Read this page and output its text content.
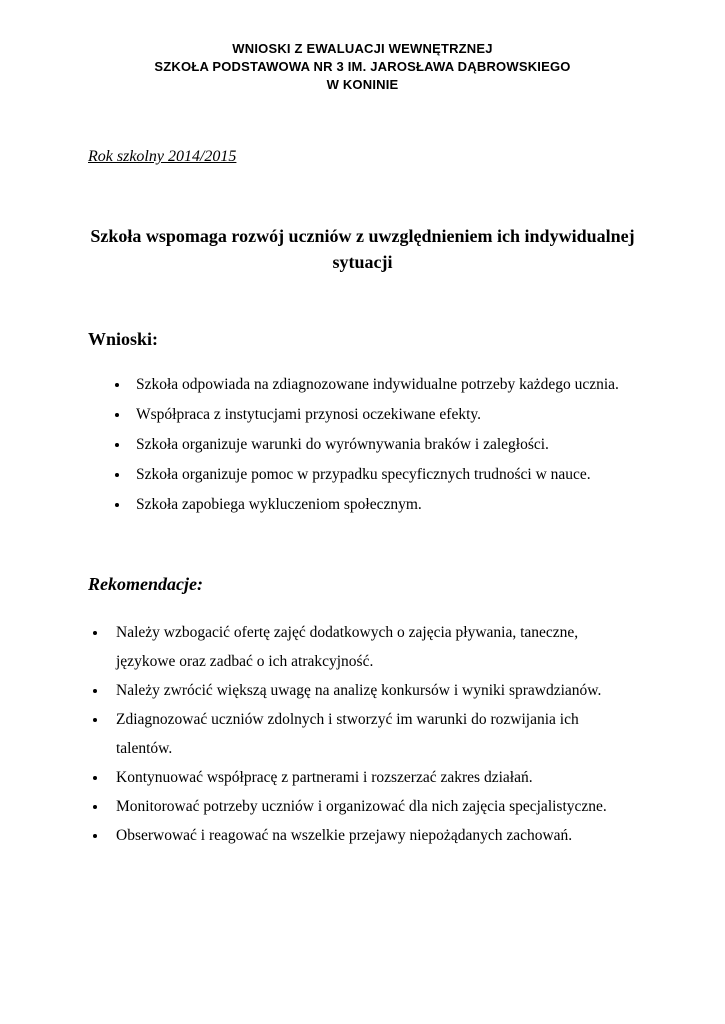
WNIOSKI Z EWALUACJI WEWNĘTRZNEJ
SZKOŁA PODSTAWOWA NR 3 IM. JAROSŁAWA DĄBROWSKIEGO
W KONINIE
Rok szkolny 2014/2015
Szkoła wspomaga rozwój uczniów z uwzględnieniem ich indywidualnej sytuacji
Wnioski:
• Szkoła odpowiada na zdiagnozowane indywidualne potrzeby każdego ucznia.
• Współpraca z instytucjami przynosi oczekiwane efekty.
• Szkoła organizuje warunki do wyrównywania braków i zaległości.
• Szkoła organizuje pomoc w przypadku specyficznych trudności w nauce.
• Szkoła zapobiega wykluczeniom społecznym.
Rekomendacje:
• Należy wzbogacić ofertę zajęć dodatkowych o zajęcia pływania, taneczne, językowe oraz zadbać o ich atrakcyjność.
• Należy zwrócić większą uwagę na analizę konkursów i wyniki sprawdzianów.
• Zdiagnozować uczniów zdolnych i stworzyć im warunki do rozwijania ich talentów.
• Kontynuować współpracę z partnerami i rozszerzać zakres działań.
• Monitorować potrzeby uczniów i organizować dla nich zajęcia specjalistyczne.
• Obserwować i reagować na wszelkie przejawy niepożądanych zachowań.
